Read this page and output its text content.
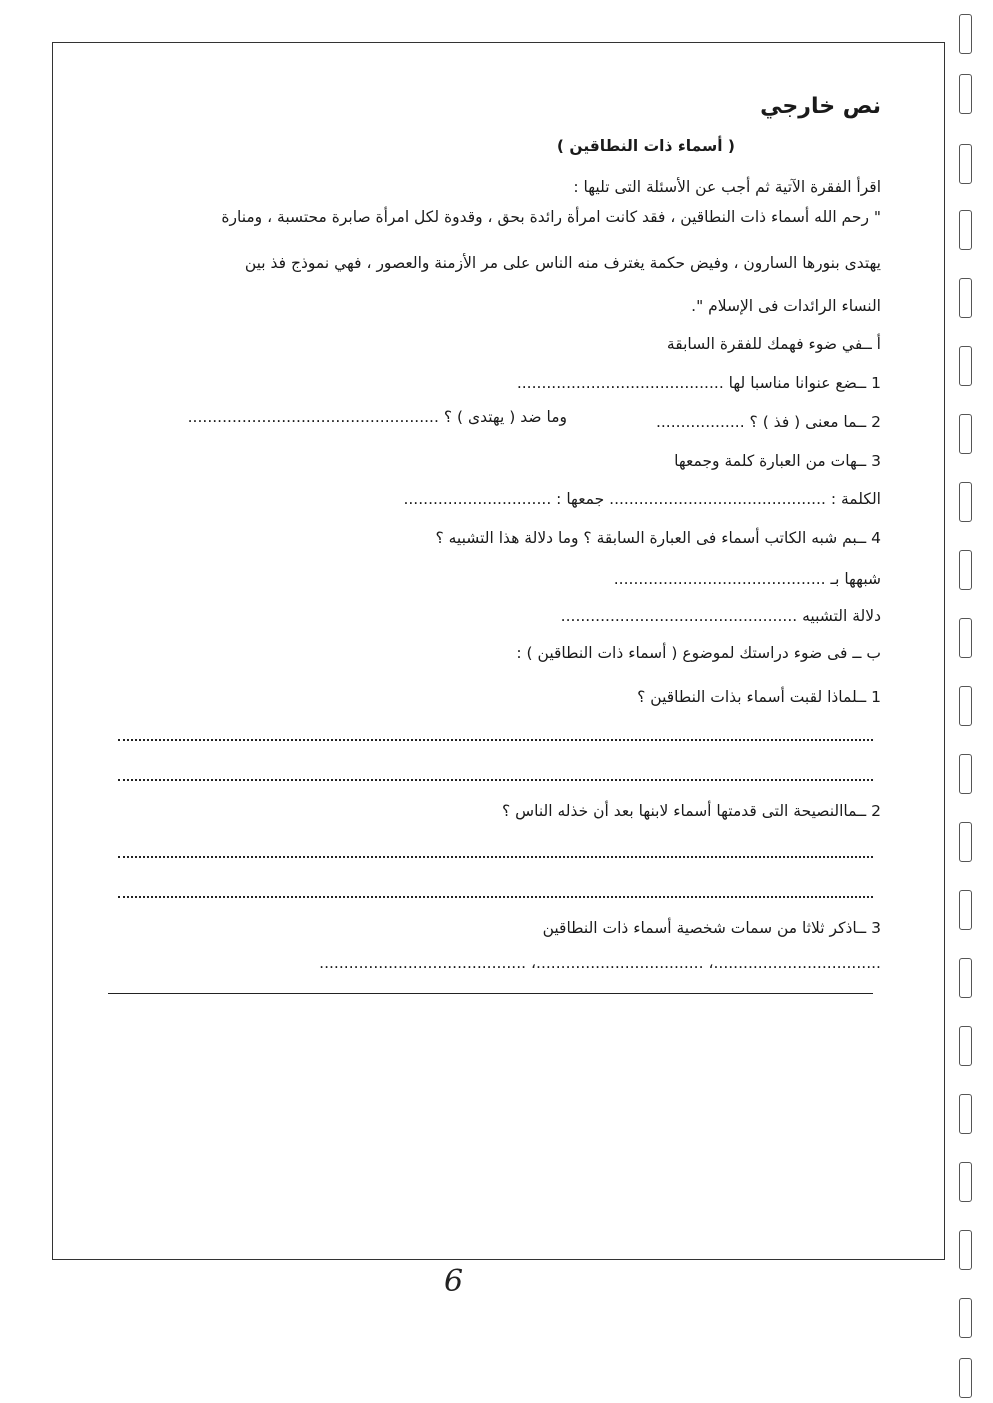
نص خارجي
( أسماء ذات النطاقين )
اقرأ الفقرة الآتية ثم أجب عن الأسئلة التى تليها :
" رحم الله أسماء ذات النطاقين ، فقد كانت امرأة رائدة بحق ، وقدوة لكل امرأة صابرة محتسبة ، ومنارة
يهتدى بنورها السارون ، وفيض حكمة يغترف منه الناس على مر الأزمنة والعصور ، فهي نموذج فذ بين
النساء الرائدات فى الإسلام ".
أ ــفي ضوء فهمك للفقرة السابقة
1 ــضع عنوانا مناسبا لها ..........................................
2 ــما معنى ( فذ ) ؟ ..................
وما ضد ( يهتدى ) ؟ ...................................................
3 ــهات من العبارة كلمة وجمعها
الكلمة : ............................................ جمعها : ..............................
4 ــبم شبه الكاتب أسماء فى العبارة السابقة ؟ وما دلالة هذا التشبيه ؟
شبهها بـ ...........................................
دلالة التشبيه ................................................
ب ــ فى ضوء دراستك لموضوع ( أسماء ذات النطاقين ) :
1 ــلماذا لقبت أسماء بذات النطاقين ؟
2 ــماالنصيحة التى قدمتها أسماء لابنها بعد أن خذله الناس ؟
3 ــاذكر ثلاثا من سمات شخصية أسماء ذات النطاقين
..................................، ..................................، ..........................................
6
